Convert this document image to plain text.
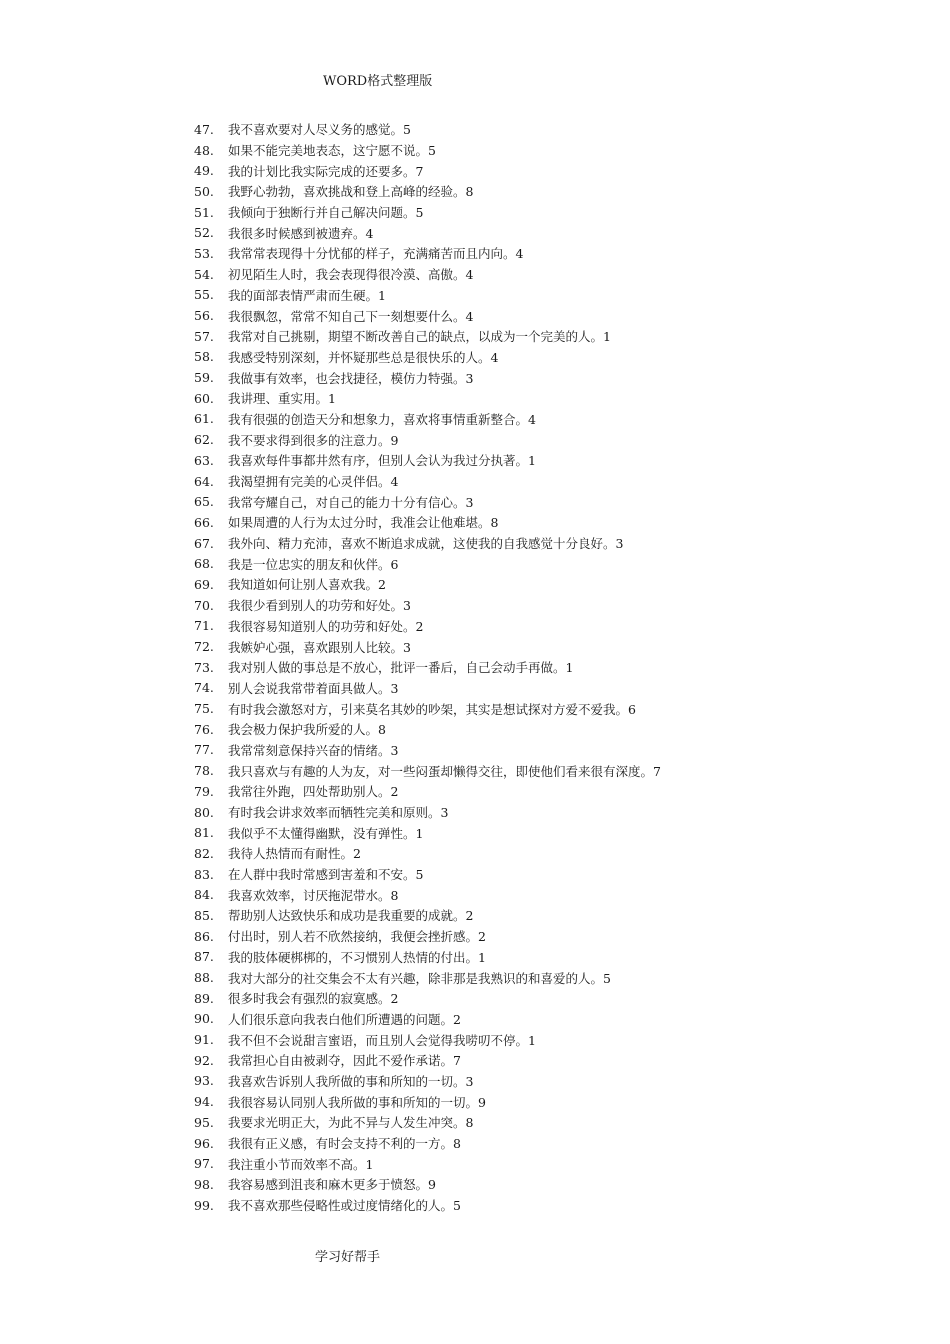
WORD格式整理版
47.	我不喜欢要对人尽义务的感觉。5
48.	如果不能完美地表态，这宁愿不说。5
49.	我的计划比我实际完成的还要多。7
50.	我野心勃勃，喜欢挑战和登上高峰的经验。8
51.	我倾向于独断行并自己解决问题。5
52.	我很多时候感到被遗弃。4
53.	我常常表现得十分忧郁的样子，充满痛苦而且内向。4
54.	初见陌生人时，我会表现得很冷漠、高傲。4
55.	我的面部表情严肃而生硬。1
56.	我很飘忽，常常不知自己下一刻想要什么。4
57.	我常对自己挑剔，期望不断改善自己的缺点，以成为一个完美的人。1
58.	我感受特别深刻，并怀疑那些总是很快乐的人。4
59.	我做事有效率，也会找捷径，模仿力特强。3
60.	我讲理、重实用。1
61.	我有很强的创造天分和想象力，喜欢将事情重新整合。4
62.	我不要求得到很多的注意力。9
63.	我喜欢每件事都井然有序，但别人会认为我过分执著。1
64.	我渴望拥有完美的心灵伴侣。4
65.	我常夸耀自己，对自己的能力十分有信心。3
66.	如果周遭的人行为太过分时，我准会让他难堪。8
67.	我外向、精力充沛，喜欢不断追求成就，这使我的自我感觉十分良好。3
68.	我是一位忠实的朋友和伙伴。6
69.	我知道如何让别人喜欢我。2
70.	我很少看到别人的功劳和好处。3
71.	我很容易知道别人的功劳和好处。2
72.	我嫉妒心强，喜欢跟别人比较。3
73.	我对别人做的事总是不放心，批评一番后，自己会动手再做。1
74.	别人会说我常带着面具做人。3
75.	有时我会激怒对方，引来莫名其妙的吵架，其实是想试探对方爱不爱我。6
76.	我会极力保护我所爱的人。8
77.	我常常刻意保持兴奋的情绪。3
78.	我只喜欢与有趣的人为友，对一些闷蛋却懒得交往，即使他们看来很有深度。7
79.	我常往外跑，四处帮助别人。2
80.	有时我会讲求效率而牺牲完美和原则。3
81.	我似乎不太懂得幽默，没有弹性。1
82.	我待人热情而有耐性。2
83.	在人群中我时常感到害羞和不安。5
84.	我喜欢效率，讨厌拖泥带水。8
85.	帮助别人达致快乐和成功是我重要的成就。2
86.	付出时，别人若不欣然接纳，我便会挫折感。2
87.	我的肢体硬梆梆的，不习惯别人热情的付出。1
88.	我对大部分的社交集会不太有兴趣，除非那是我熟识的和喜爱的人。5
89.	很多时我会有强烈的寂寞感。2
90.	人们很乐意向我表白他们所遭遇的问题。2
91.	我不但不会说甜言蜜语，而且别人会觉得我唠叨不停。1
92.	我常担心自由被剥夺，因此不爱作承诺。7
93.	我喜欢告诉别人我所做的事和所知的一切。3
94.	我很容易认同别人我所做的事和所知的一切。9
95.	我要求光明正大，为此不异与人发生冲突。8
96.	我很有正义感，有时会支持不利的一方。8
97.	我注重小节而效率不高。1
98.	我容易感到沮丧和麻木更多于愤怒。9
99.	我不喜欢那些侵略性或过度情绪化的人。5
学习好帮手
